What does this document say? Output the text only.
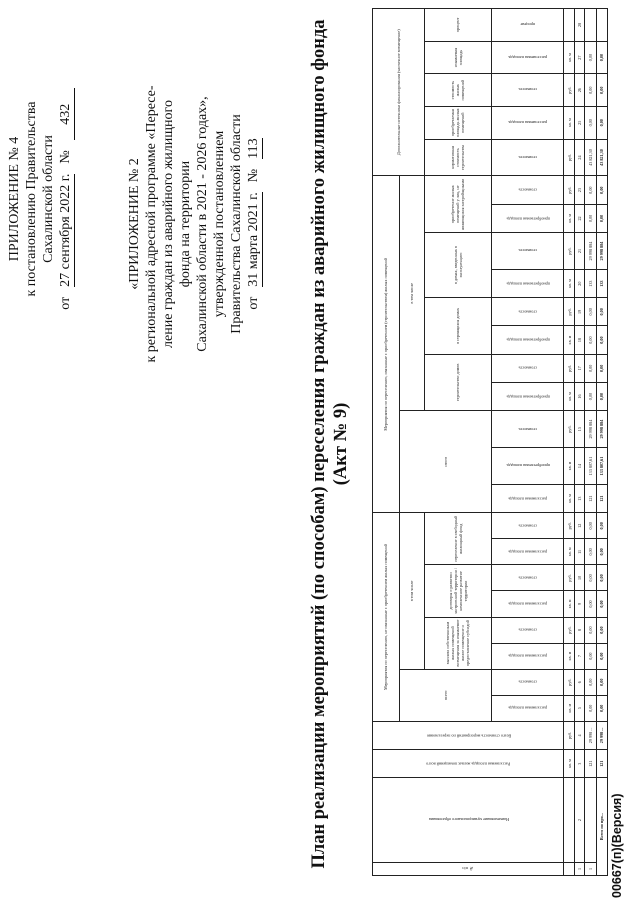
ПРИЛОЖЕНИЕ № 4 к постановлению Правительства Сахалинской области
от
27 сентября 2022 г.
№
432
«ПРИЛОЖЕНИЕ № 2 к региональной адресной программе «Пересе- ление граждан из аварийного жилищного фонда на территории Сахалинской области в 2021 - 2026 годах», утвержденной постановлением Правительства Сахалинской области от
31 марта 2021 г.
№
113	План реализации мероприятий (по способам) переселения граждан из аварийного жилищного фонда (Акт № 9)
№ п/п	Наименование муниципального образования	Расселяемая площадь жилых помещений всего	Всего стоимость мероприятий по переселению	Мероприятия по переселению, не связанные с приобретением жилых помещений								Мероприятия по переселению, связанные с приобретением (строительством) жилых помещений											Дополнительные источники финансирования (частичное возмещение)				
				всего		в том числе						итого			в том числе												
						выплата собственникам жилых помещений возмещения за изымаемое жилое помещение и предоставление субсидий		договоры о развитии застроенной территории / комплексное развитие территории		переселение в свободный жилищный фонд					строительство домов		в строящихся домах		в домах, введенных в эксплуатацию		приобретение жилых помещений у лиц, не являющихся застройщиками		нормативная стоимость строительства	приобретаемая площадь жилых помещений	стоимость жилых помещений	изымаемая площадь	процент
				расселяемая площадь	стоимость	расселяемая площадь	стоимость	расселяемая площадь	стоимость	расселяемая площадь	стоимость	расселяемая площадь	приобретаемая площадь	стоимость	приобретаемая площадь	стоимость	приобретаемая площадь	стоимость	приобретаемая площадь	стоимость	приобретаемая площадь	стоимость	стоимость	расселяемая площадь	стоимость	расселяемая площадь	процент
		кв. м	руб.	кв. м	руб.	кв. м	руб.	кв. м	руб.	кв. м	руб.	кв. м	кв. м	руб.	кв. м	руб.	кв. м	руб.	кв. м	руб.	кв. м	руб.	руб.	кв. м	руб.	кв. м	
1	2	3	4	5	6	7	8	9	10	11	12	13	14	15	16	17	18	19	20	21	22	23	24	25	26	27	28
1		121	29 998 ...	0,00	0,00	0,00	0,00	0,00	0,00	0,00	0,00	121	133 807,61	29 998 884	0,00	0,00	0,00	0,00	133	29 998 884	0,00	0,00	43 821,30	0,00	0,00	0,00	
Всего по про...		121	29 998 ...	0,00	0,00	0,00	0,00	0,00	0,00	0,00	0,00	121	133 807,61	29 998 884	0,00	0,00	0,00	0,00	133	29 998 884	0,00	0,00	43 821,30	0,00	0,00	0,00	
00667(п)(Версия)
